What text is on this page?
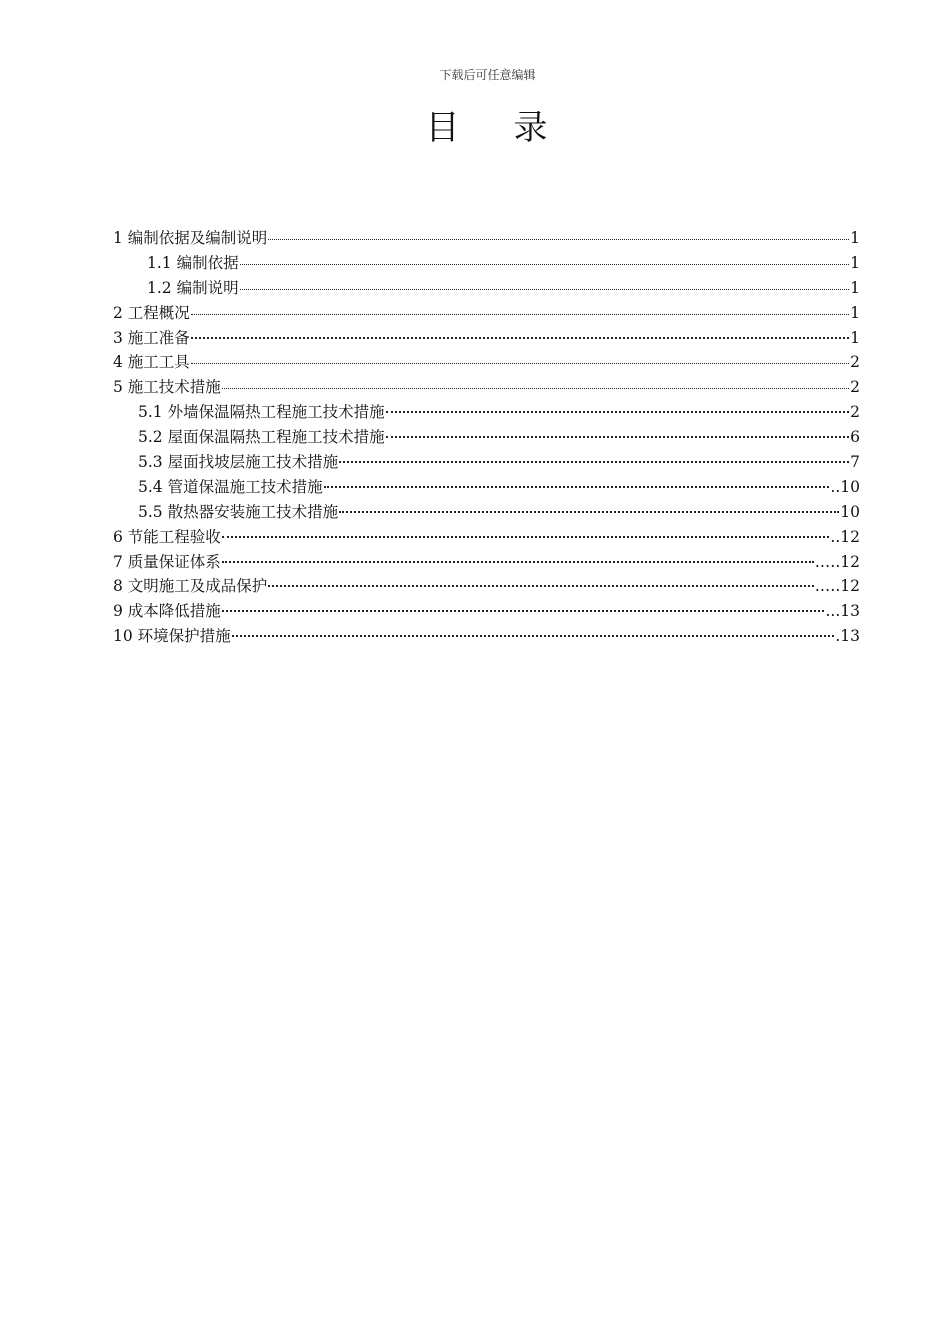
下载后可任意编辑
目 录
1 编制依据及编制说明	1
1.1 编制依据	1
1.2 编制说明	1
2 工程概况	1
3 施工准备	1
4 施工工具	2
5 施工技术措施	2
5.1 外墙保温隔热工程施工技术措施	2
5.2 屋面保温隔热工程施工技术措施	6
5.3 屋面找坡层施工技术措施	7
5.4 管道保温施工技术措施	..10
5.5 散热器安装施工技术措施	10
6 节能工程验收	..12
7 质量保证体系	.….12
8 文明施工及成品保护	.….12
9 成本降低措施	...13
10 环境保护措施	.13
